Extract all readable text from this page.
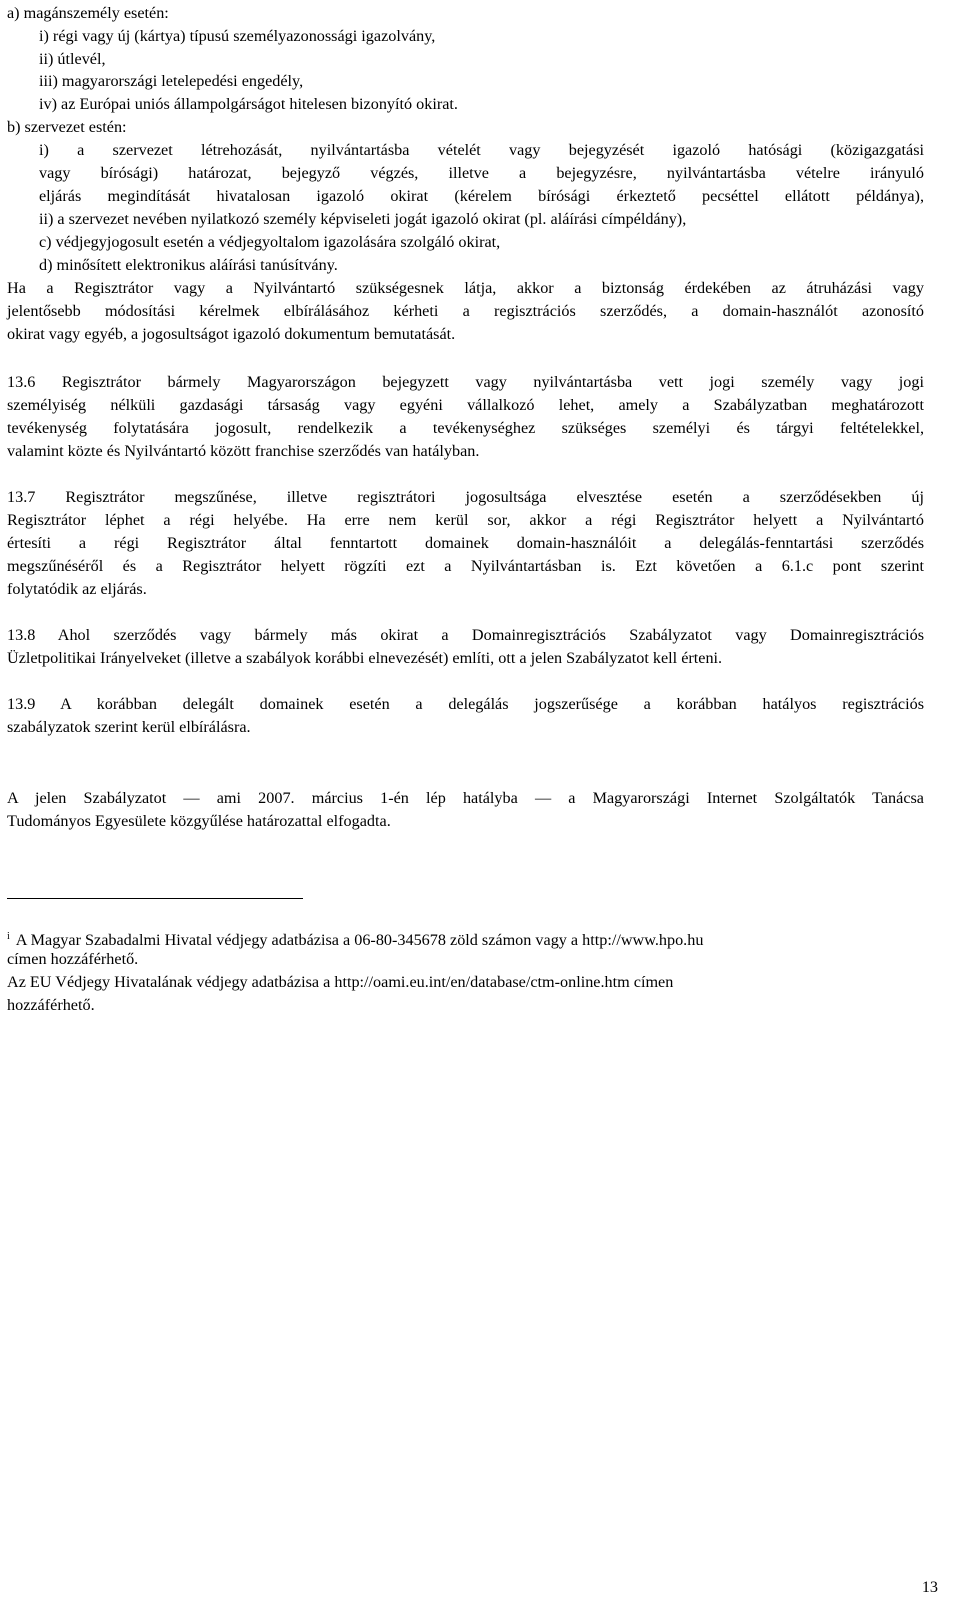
a) magánszemély esetén:
i) régi vagy új (kártya) típusú személyazonossági igazolvány,
ii) útlevél,
iii) magyarországi letelepedési engedély,
iv) az Európai uniós állampolgárságot hitelesen bizonyító okirat.
b) szervezet estén:
i) a szervezet létrehozását, nyilvántartásba vételét vagy bejegyzését igazoló hatósági (közigazgatási
vagy bírósági) határozat, bejegyző végzés, illetve a bejegyzésre, nyilvántartásba vételre irányuló
eljárás megindítását hivatalosan igazoló okirat (kérelem bírósági érkeztető pecséttel ellátott példánya),
ii) a szervezet nevében nyilatkozó személy képviseleti jogát igazoló okirat (pl. aláírási címpéldány),
c) védjegyjogosult esetén a védjegyoltalom igazolására szolgáló okirat,
d) minősített elektronikus aláírási tanúsítvány.
Ha a Regisztrátor vagy a Nyilvántartó szükségesnek látja, akkor a biztonság érdekében az átruházási vagy
jelentősebb módosítási kérelmek elbírálásához kérheti a regisztrációs szerződés, a domain-használót azonosító
okirat vagy egyéb, a jogosultságot igazoló dokumentum bemutatását.
13.6 Regisztrátor bármely Magyarországon bejegyzett vagy nyilvántartásba vett jogi személy vagy jogi
személyiség nélküli gazdasági társaság vagy egyéni vállalkozó lehet, amely a Szabályzatban meghatározott
tevékenység folytatására jogosult, rendelkezik a tevékenységhez szükséges személyi és tárgyi feltételekkel,
valamint közte és Nyilvántartó között franchise szerződés van hatályban.
13.7 Regisztrátor megszűnése, illetve regisztrátori jogosultsága elvesztése esetén a szerződésekben új
Regisztrátor léphet a régi helyébe. Ha erre nem kerül sor, akkor a régi Regisztrátor helyett a Nyilvántartó
értesíti a régi Regisztrátor által fenntartott domainek domain-használóit a delegálás-fenntartási szerződés
megszűnéséről és a Regisztrátor helyett rögzíti ezt a Nyilvántartásban is. Ezt követően a 6.1.c pont szerint
folytatódik az eljárás.
13.8 Ahol szerződés vagy bármely más okirat a Domainregisztrációs Szabályzatot vagy Domainregisztrációs
Üzletpolitikai Irányelveket (illetve a szabályok korábbi elnevezését) említi, ott a jelen Szabályzatot kell érteni.
13.9 A korábban delegált domainek esetén a delegálás jogszerűsége a korábban hatályos regisztrációs
szabályzatok szerint kerül elbírálásra.
A jelen Szabályzatot — ami 2007. március 1-én lép hatályba — a Magyarországi Internet Szolgáltatók Tanácsa
Tudományos Egyesülete közgyűlése határozattal elfogadta.
$^i$ A Magyar Szabadalmi Hivatal védjegy adatbázisa a 06-80-345678 zöld számon vagy a http://www.hpo.hu
címen hozzáférhető.
Az EU Védjegy Hivatalának védjegy adatbázisa a http://oami.eu.int/en/database/ctm-online.htm címen
hozzáférhető.
13
